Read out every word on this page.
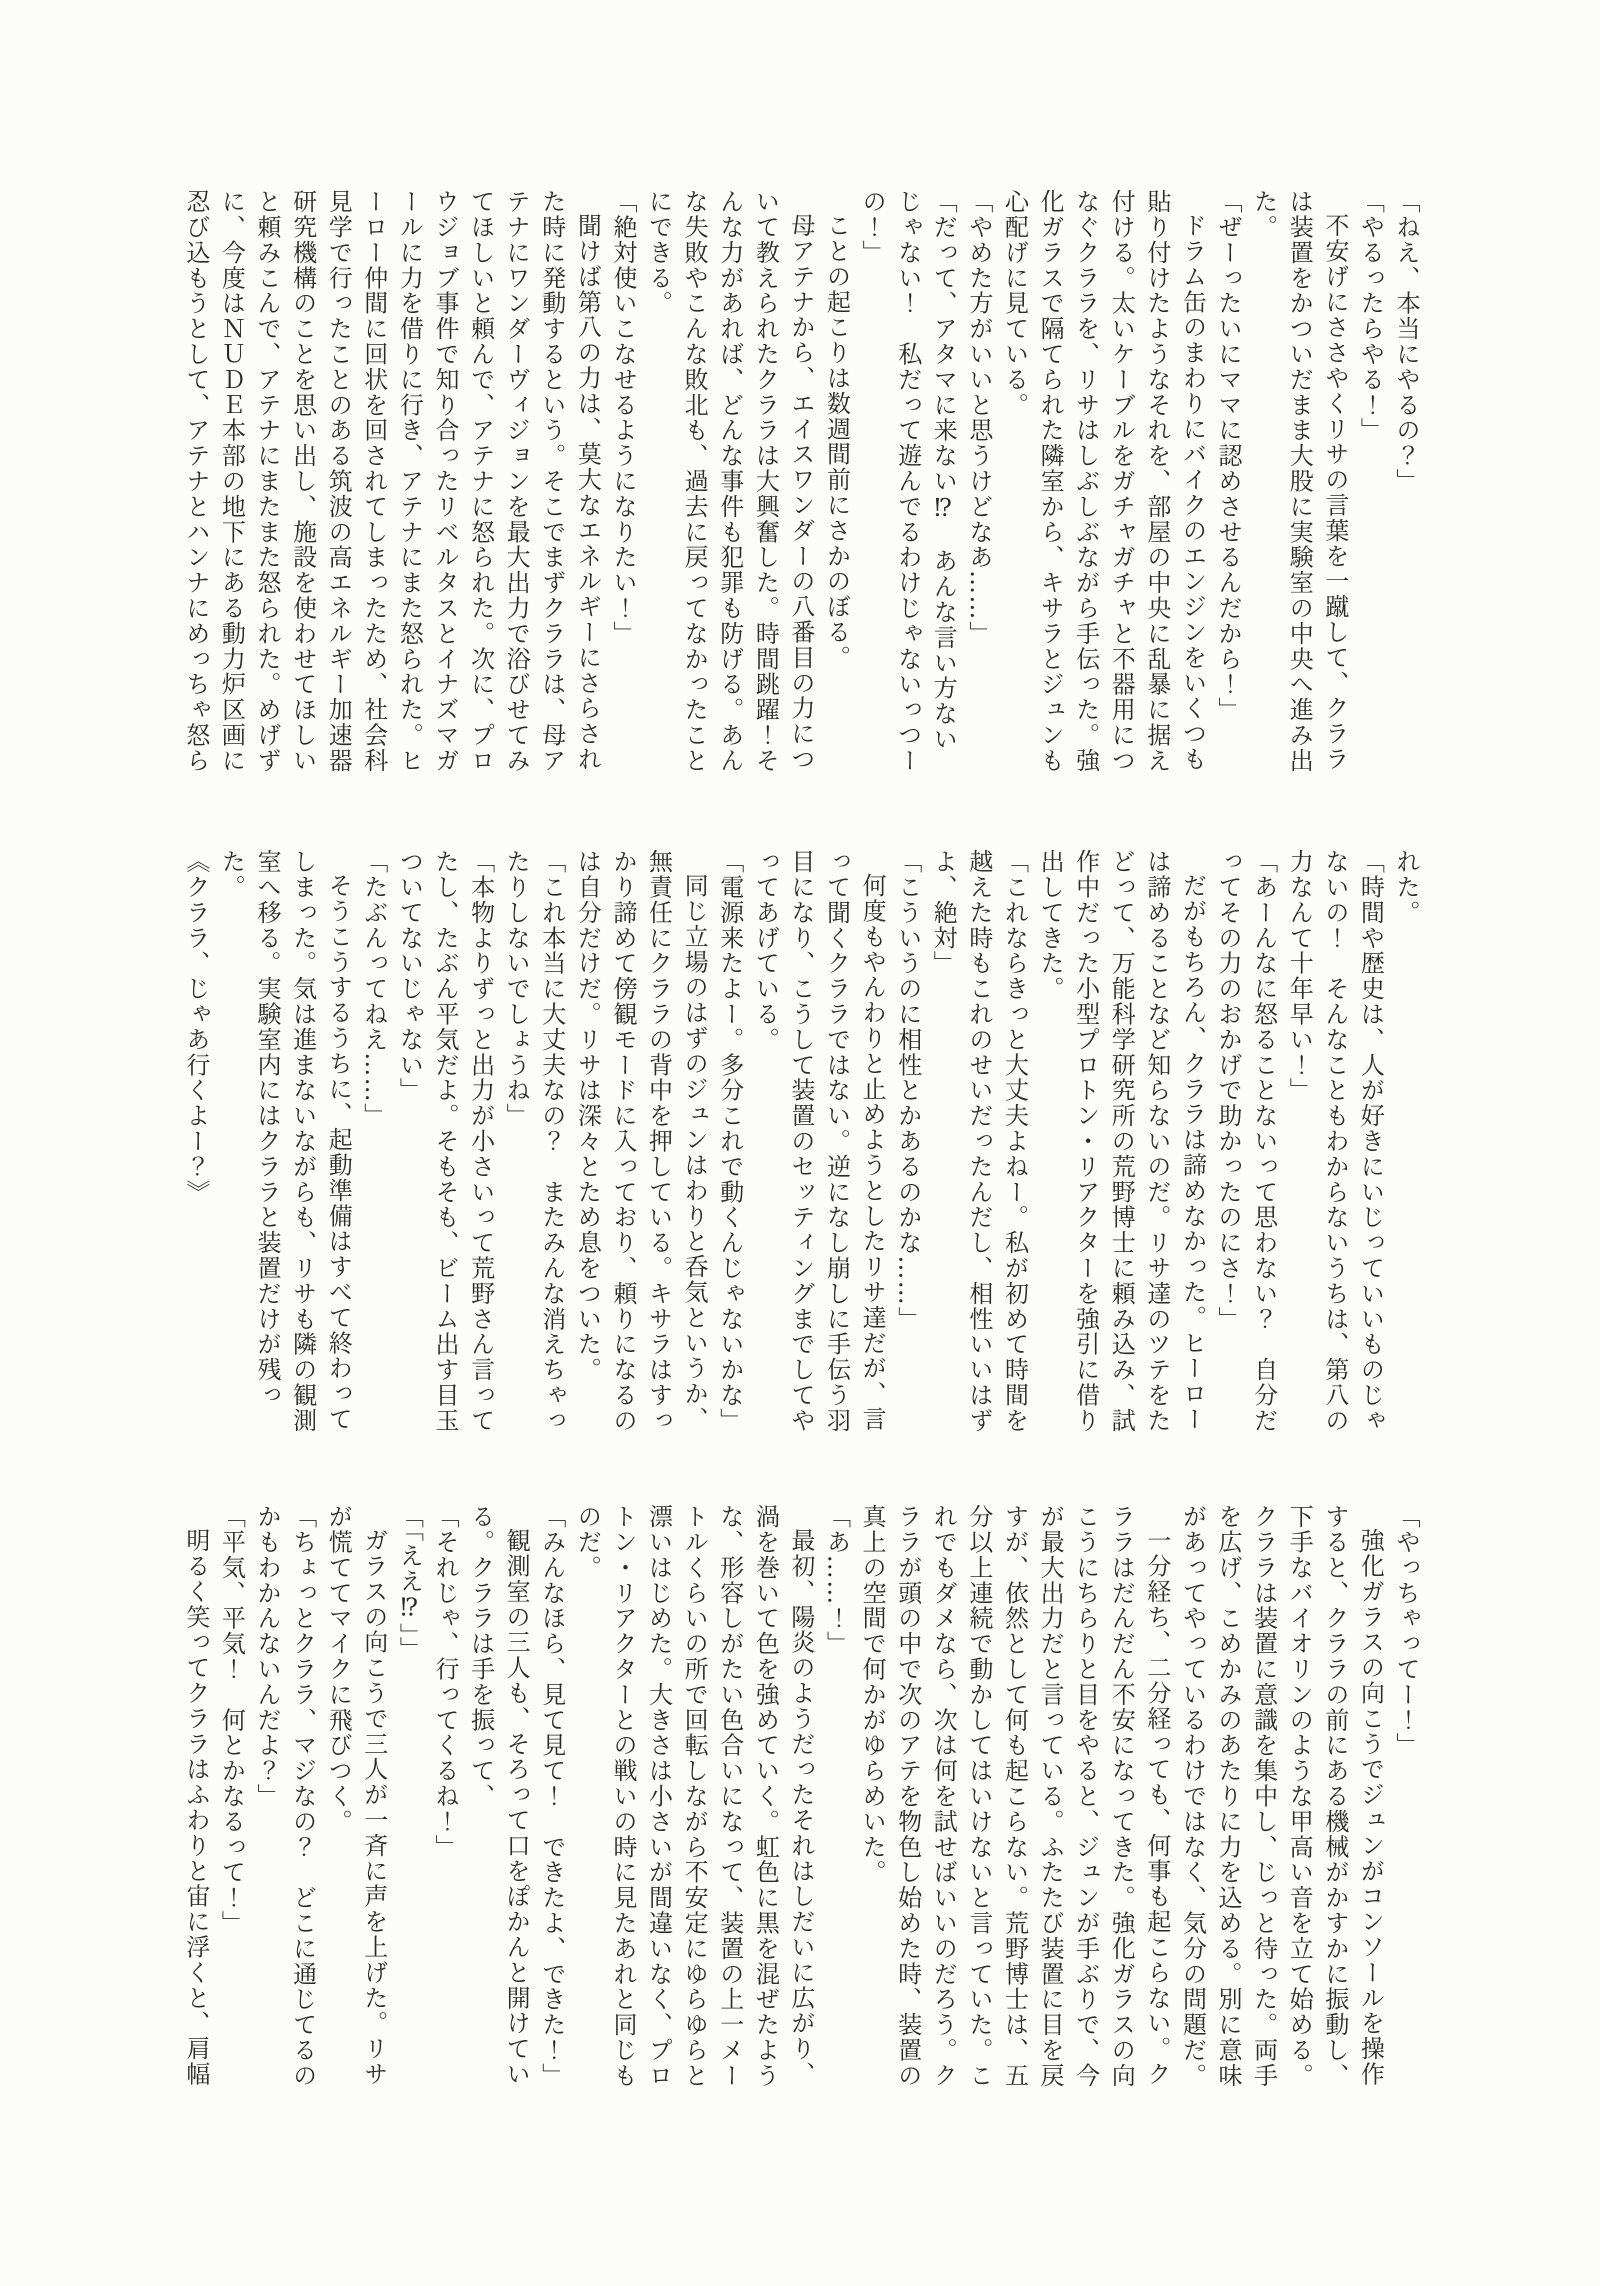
「ねえ、本当にやるの？」

「やるったらやる！」

不安げにささやくリサの言葉を一蹴して、クララは装置をかついだまま大股に実験室の中央へ進み出た。

「ぜーったいにママに認めさせるんだから！」

ドラム缶のまわりにバイクのエンジンをいくつも貼り付けたようなそれを、部屋の中央に乱暴に据え付ける。太いケーブルをガチャガチャと不器用につなぐクララを、リサはしぶしぶながら手伝った。強化ガラスで隔てられた隣室から、キサラとジュンも心配げに見ている。

「やめた方がいいと思うけどなあ……」

「だって、アタマに来ない⁉　あんな言い方ないじゃない！　私だって遊んでるわけじゃないっつーの！」

ことの起こりは数週間前にさかのぼる。

母アテナから、エイスワンダーの八番目の力について教えられたクララは大興奮した。時間跳躍！そんな力があれば、どんな事件も犯罪も防げる。あんな失敗やこんな敗北も、過去に戻ってなかったことにできる。

「絶対使いこなせるようになりたい！」

聞けば第八の力は、莫大なエネルギーにさらされた時に発動するという。そこでまずクララは、母アテナにワンダーヴィジョンを最大出力で浴びせてみてほしいと頼んで、アテナに怒られた。次に、プロウジョブ事件で知り合ったリベルタスとイナズマガールに力を借りに行き、アテナにまた怒られた。ヒーロー仲間に回状を回されてしまったため、社会科見学で行ったことのある筑波の高エネルギー加速器研究機構のことを思い出し、施設を使わせてほしいと頼みこんで、アテナにまたまた怒られた。めげずに、今度はＮＵＤＥ本部の地下にある動力炉区画に忍び込もうとして、アテナとハンナにめっちゃ怒ら

れた。

「時間や歴史は、人が好きにいじっていいものじゃないの！　そんなこともわからないうちは、第八の力なんて十年早い！」

「あーんなに怒ることないって思わない？　自分だってその力のおかげで助かったのにさ！」

だがもちろん、クララは諦めなかった。ヒーローは諦めることなど知らないのだ。リサ達のツテをたどって、万能科学研究所の荒野博士に頼み込み、試作中だった小型プロトン・リアクターを強引に借り出してきた。

「これならきっと大丈夫よねー。私が初めて時間を越えた時もこれのせいだったんだし、相性いいはずよ、絶対」

「こういうのに相性とかあるのかな……」

何度もやんわりと止めようとしたリサ達だが、言って聞くクララではない。逆になし崩しに手伝う羽目になり、こうして装置のセッティングまでしてやってあげている。

「電源来たよー。多分これで動くんじゃないかな」

同じ立場のはずのジュンはわりと呑気というか、無責任にクララの背中を押している。キサラはすっかり諦めて傍観モードに入っており、頼りになるのは自分だけだ。リサは深々とため息をついた。

「これ本当に大丈夫なの？　またみんな消えちゃったりしないでしょうね」

「本物よりずっと出力が小さいって荒野さん言ってたし、たぶん平気だよ。そもそも、ビーム出す目玉ついてないじゃない」

「たぶんってねえ……」

そうこうするうちに、起動準備はすべて終わってしまった。気は進まないながらも、リサも隣の観測室へ移る。実験室内にはクララと装置だけが残った。

《クララ、じゃあ行くよー？》

「やっちゃってー！」

強化ガラスの向こうでジュンがコンソールを操作すると、クララの前にある機械がかすかに振動し、下手なバイオリンのような甲高い音を立て始める。クララは装置に意識を集中し、じっと待った。両手を広げ、こめかみのあたりに力を込める。別に意味があってやっているわけではなく、気分の問題だ。

一分経ち、二分経っても、何事も起こらない。クララはだんだん不安になってきた。強化ガラスの向こうにちらりと目をやると、ジュンが手ぶりで、今が最大出力だと言っている。ふたたび装置に目を戻すが、依然として何も起こらない。荒野博士は、五分以上連続で動かしてはいけないと言っていた。これでもダメなら、次は何を試せばいいのだろう。クララが頭の中で次のアテを物色し始めた時、装置の真上の空間で何かがゆらめいた。

「あ……！」

最初、陽炎のようだったそれはしだいに広がり、渦を巻いて色を強めていく。虹色に黒を混ぜたような、形容しがたい色合いになって、装置の上一メートルくらいの所で回転しながら不安定にゆらゆらと漂いはじめた。大きさは小さいが間違いなく、プロトン・リアクターとの戦いの時に見たあれと同じものだ。

「みんなほら、見て見て！　できたよ、できた！」

観測室の三人も、そろって口をぽかんと開けている。クララは手を振って、

「それじゃ、行ってくるね！」

「「ええ⁉」」

ガラスの向こうで三人が一斉に声を上げた。リサが慌ててマイクに飛びつく。

「ちょっとクララ、マジなの？　どこに通じてるのかもわかんないんだよ？」

「平気、平気！　何とかなるって！」

明るく笑ってクララはふわりと宙に浮くと、肩幅
